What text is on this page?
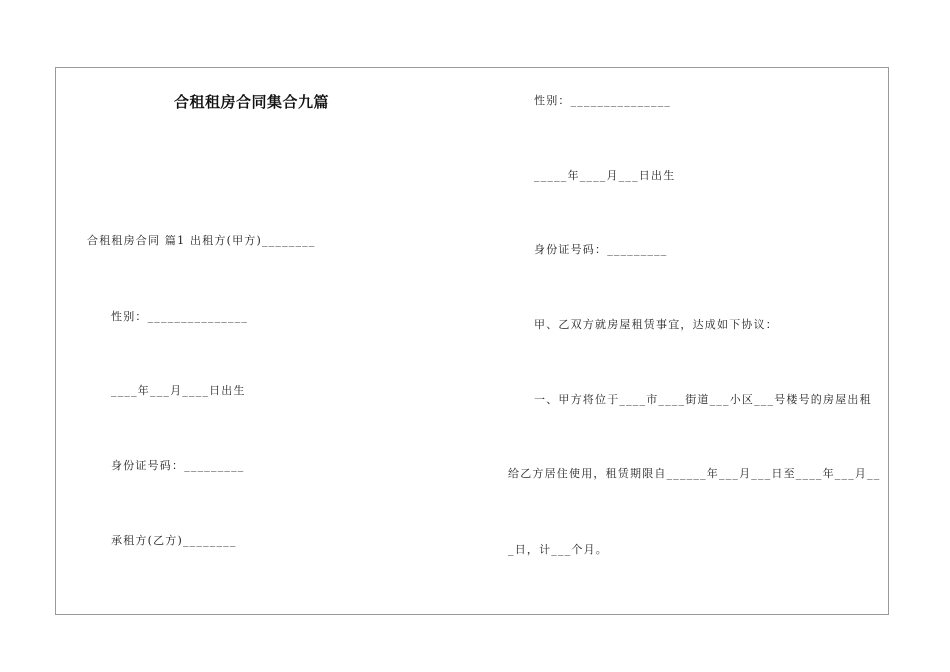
合租租房合同集合九篇
合租租房合同 篇1 出租方(甲方)________
性别：_______________
____年___月____日出生
身份证号码：_________
承租方(乙方)________
性别：_______________
_____年____月___日出生
身份证号码：_________
甲、乙双方就房屋租赁事宜，达成如下协议：
一、甲方将位于____市____街道___小区___号楼号的房屋出租
给乙方居住使用，租赁期限自______年___月___日至____年___月__
_日，计___个月。
